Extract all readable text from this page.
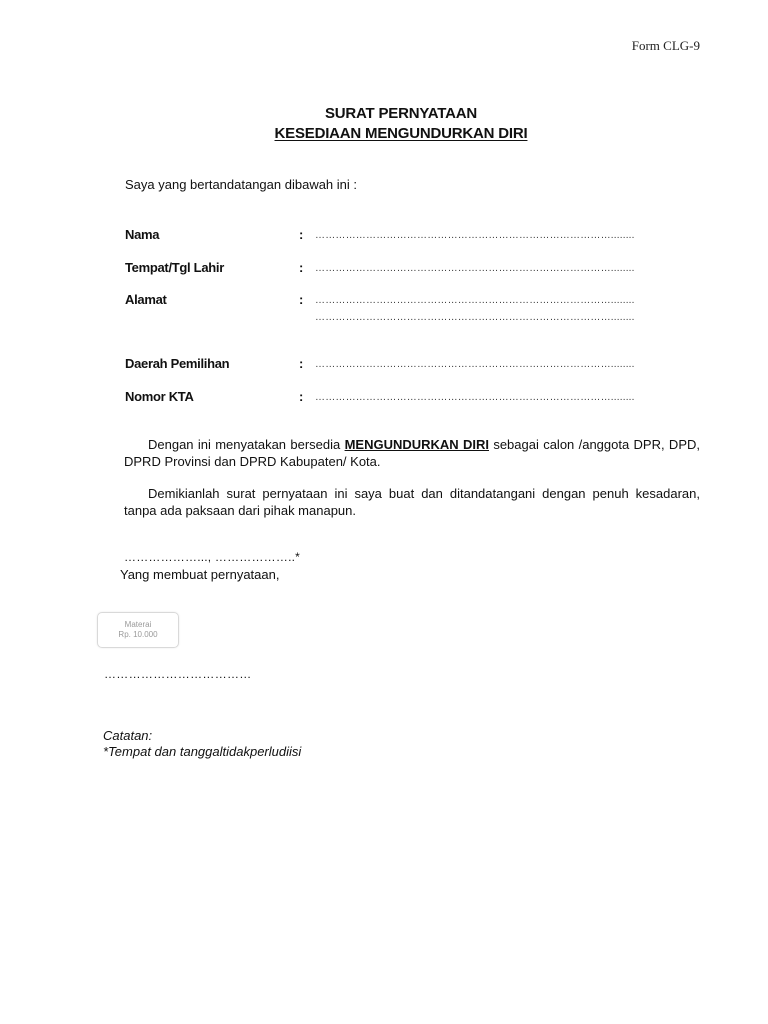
Form CLG-9
SURAT PERNYATAAN
KESEDIAAN MENGUNDURKAN DIRI
Saya yang bertandatangan dibawah ini :
Nama	: ……………………………………………………………………………........
Tempat/Tgl Lahir	: ……………………………………………………………………………........
Alamat	: ……………………………………………………………………………........
……………………………………………………………………………........
Daerah Pemilihan	: ……………………………………………………………………………........
Nomor KTA	: ……………………………………………………………………………........
Dengan ini menyatakan bersedia MENGUNDURKAN DIRI sebagai calon /anggota DPR, DPD, DPRD Provinsi dan DPRD Kabupaten/ Kota.
Demikianlah surat pernyataan ini saya buat dan ditandatangani dengan penuh kesadaran, tanpa ada paksaan dari pihak manapun.
………………..., ………………..*
Yang membuat pernyataan,
Materai
Rp. 10.000
………………………………
Catatan:
*Tempat dan tanggaltidakperludiisi
